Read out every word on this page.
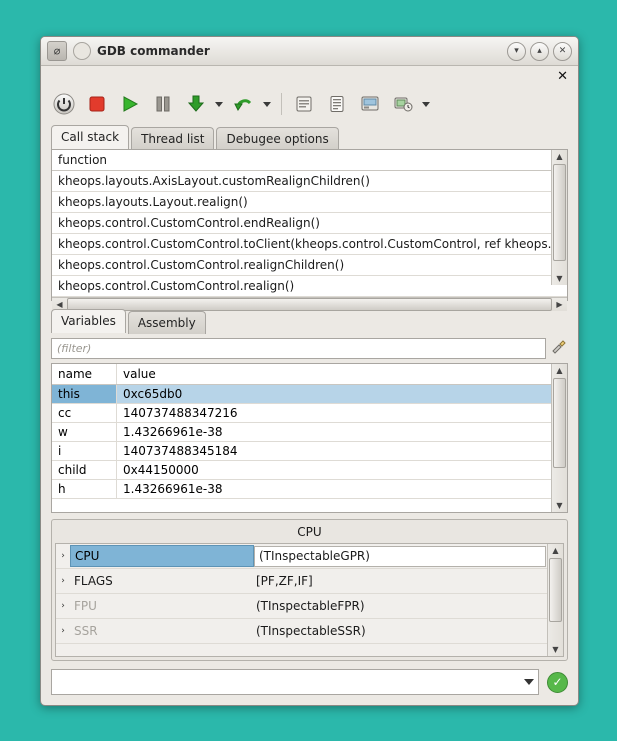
⌀	GDB commander	▾	▴	✕
✕
Call stack	Thread list	Debugee options
function
kheops.layouts.AxisLayout.customRealignChildren()
kheops.layouts.Layout.realign()
kheops.control.CustomControl.endRealign()
kheops.control.CustomControl.toClient(kheops.control.CustomControl, ref kheops.
kheops.control.CustomControl.realignChildren()
kheops.control.CustomControl.realign()
◀	▶
▲
▼
Variables	Assembly
(filter)
name	value
this	0xc65db0
cc	140737488347216
w	1.43266961e-38
i	140737488345184
child	0x44150000
h	1.43266961e-38
▲
▼
CPU
› CPU	(TInspectableGPR)
› FLAGS	[PF,ZF,IF]
› FPU	(TInspectableFPR)
› SSR	(TInspectableSSR)
▲
▼
✓
